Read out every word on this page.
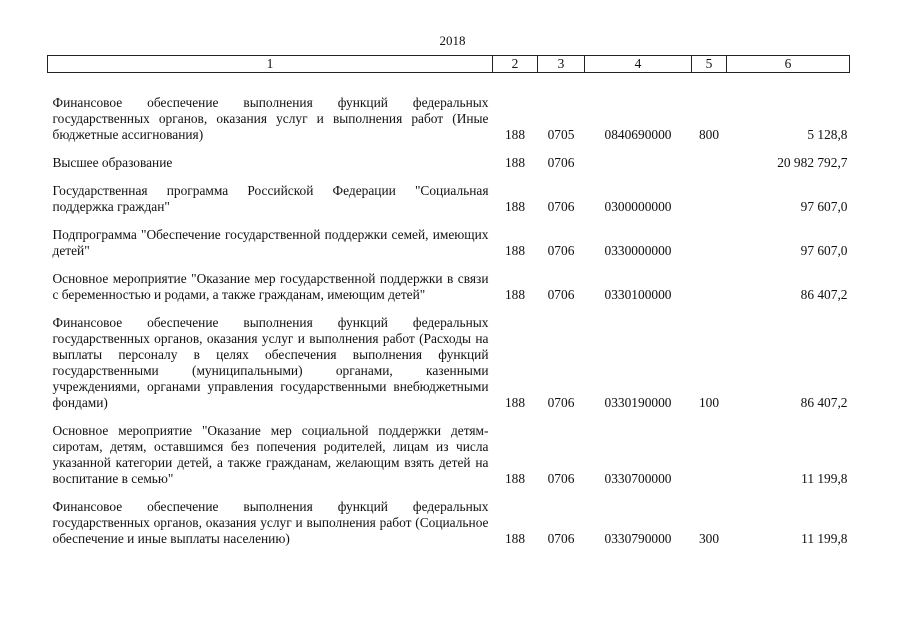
2018
1	2	3	4	5	6
Финансовое обеспечение выполнения функций федеральных государственных органов, оказания услуг и выполнения работ (Иные бюджетные ассигнования)	188	0705	0840690000	800	5 128,8
Высшее образование	188	0706			20 982 792,7
Государственная программа Российской Федерации "Социальная поддержка граждан"	188	0706	0300000000		97 607,0
Подпрограмма "Обеспечение государственной поддержки семей, имеющих детей"	188	0706	0330000000		97 607,0
Основное мероприятие "Оказание мер государственной поддержки в связи с беременностью и родами, а также гражданам, имеющим детей"	188	0706	0330100000		86 407,2
Финансовое обеспечение выполнения функций федеральных государственных органов, оказания услуг и выполнения работ (Расходы на выплаты персоналу в целях обеспечения выполнения функций государственными (муниципальными) органами, казенными учреждениями, органами управления государственными внебюджетными фондами)	188	0706	0330190000	100	86 407,2
Основное мероприятие "Оказание мер социальной поддержки детям-сиротам, детям, оставшимся без попечения родителей, лицам из числа указанной категории детей, а также гражданам, желающим взять детей на воспитание в семью"	188	0706	0330700000		11 199,8
Финансовое обеспечение выполнения функций федеральных государственных органов, оказания услуг и выполнения работ (Социальное обеспечение и иные выплаты населению)	188	0706	0330790000	300	11 199,8
